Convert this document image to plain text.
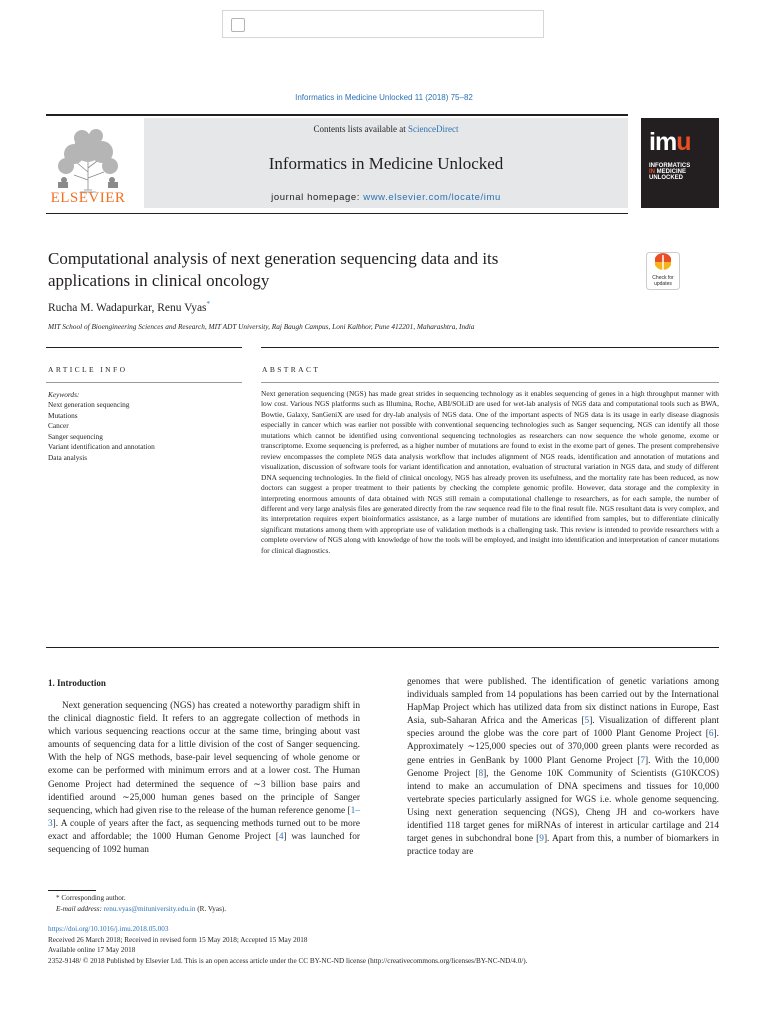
Informatics in Medicine Unlocked 11 (2018) 75–82
ELSEVIER
Contents lists available at ScienceDirect
Informatics in Medicine Unlocked
journal homepage: www.elsevier.com/locate/imu
imu
INFORMATICS
IN MEDICINE
UNLOCKED
Computational analysis of next generation sequencing data and its
applications in clinical oncology	Check for
updates
Rucha M. Wadapurkar, Renu Vyas*
MIT School of Bioengineering Sciences and Research, MIT ADT University, Raj Baugh Campus, Loni Kalbhor, Pune 412201, Maharashtra, India
ARTICLE INFO	ABSTRACT
Keywords:
Next generation sequencing
Mutations
Cancer
Sanger sequencing
Variant identification and annotation
Data analysis
Next generation sequencing (NGS) has made great strides in sequencing technology as it enables sequencing of genes in a high throughput manner with low cost. Various NGS platforms such as Illumina, Roche, ABI/SOLiD are used for wet-lab analysis of NGS data and computational tools such as BWA, Bowtie, Galaxy, SanGeniX are used for dry-lab analysis of NGS data. One of the important aspects of NGS data is its usage in early disease diagnosis especially in cancer which was earlier not possible with conventional sequencing technologies such as Sanger sequencing, NGS can identify all those mutations which cannot be identified using conventional sequencing technologies as researchers can now sequence the whole genome, exome or transcriptome. Exome sequencing is preferred, as a higher number of mutations are found to exist in the exome part of genes. The present comprehensive review encompasses the complete NGS data analysis workflow that includes alignment of NGS reads, identification and annotation of mutations and visualization, discussion of software tools for variant identification and annotation, evaluation of structural variation in NGS data, and study of different DNA sequencing technologies. In the field of clinical oncology, NGS has already proven its usefulness, and the mortality rate has been reduced, as now doctors can suggest a proper treatment to their patients by checking the complete genomic profile. However, data storage and the complexity in interpreting enormous amounts of data obtained with NGS still remain a computational challenge to researchers, as for each sample, the number of different and very large analysis files are generated directly from the raw sequence read file to the final result file. NGS resultant data is very complex, and its interpretation requires expert bioinformatics assistance, as a large number of mutations are identified from samples, but to differentiate clinically significant mutations among them with appropriate use of validation methods is a challenging task. This review is intended to provide researchers with a complete overview of NGS along with knowledge of how the tools will be employed, and insight into identification and interpretation of cancer mutations for clinical diagnostics.
1. Introduction
Next generation sequencing (NGS) has created a noteworthy paradigm shift in the clinical diagnostic field. It refers to an aggregate collection of methods in which various sequencing reactions occur at the same time, bringing about vast amounts of sequencing data for a little division of the cost of Sanger sequencing. With the help of NGS methods, base-pair level sequencing of whole genome or exome can be performed with minimum errors and at a lower cost. The Human Genome Project had determined the sequence of ∼3 billion base pairs and identified around ∼25,000 human genes based on the principle of Sanger sequencing, which had given rise to the release of the human reference genome [1–3]. A couple of years after the fact, as sequencing methods turned out to be more exact and affordable; the 1000 Human Genome Project [4] was launched for sequencing of 1092 human
genomes that were published. The identification of genetic variations among individuals sampled from 14 populations has been carried out by the International HapMap Project which has utilized data from six distinct nations in Europe, East Asia, sub-Saharan Africa and the Americas [5]. Visualization of different plant species around the globe was the core part of 1000 Plant Genome Project [6]. Approximately ∼125,000 species out of 370,000 green plants were recorded as gene entries in GenBank by 1000 Plant Genome Project [7]. With the 10,000 Genome Project [8], the Genome 10K Community of Scientists (G10KCOS) intend to make an accumulation of DNA specimens and tissues for 10,000 vertebrate species particularly assigned for WGS i.e. whole genome sequencing. Using next generation sequencing (NGS), Cheng JH and co-workers have identified 118 target genes for miRNAs of interest in articular cartilage and 214 target genes in subchondral bone [9]. Apart from this, a number of biomarkers in practice today are
* Corresponding author.
E-mail address: renu.vyas@mituniversity.edu.in (R. Vyas).
https://doi.org/10.1016/j.imu.2018.05.003
Received 26 March 2018; Received in revised form 15 May 2018; Accepted 15 May 2018
Available online 17 May 2018
2352-9148/ © 2018 Published by Elsevier Ltd. This is an open access article under the CC BY-NC-ND license (http://creativecommons.org/licenses/BY-NC-ND/4.0/).
